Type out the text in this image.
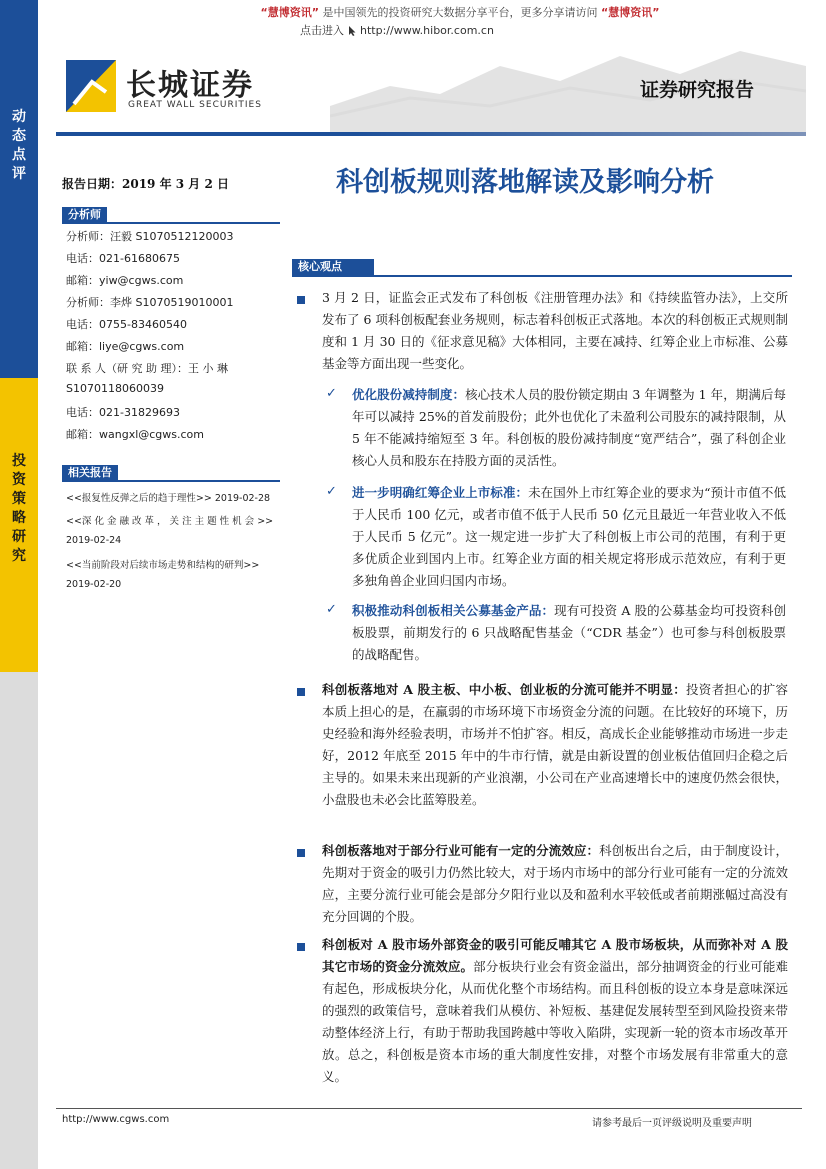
“慧博资讯” 是中国领先的投资研究大数据分享平台，更多分享请访问 “慧博资讯”
点击进入 http://www.hibor.com.cn
动
态
点
评
投
资
策
略
研
究
长城证券
GREAT WALL SECURITIES
证券研究报告
科创板规则落地解读及影响分析
报告日期：2019 年 3 月 2 日
分析师
分析师：汪毅 S1070512120003
电话：021-61680675
邮箱：yiw@cgws.com
分析师：李烨 S1070519010001
电话：0755-83460540
邮箱：liye@cgws.com
联 系 人（研 究 助 理）：王 小 琳
S1070118060039
电话：021-31829693
邮箱：wangxl@cgws.com
相关报告
<<报复性反弹之后的趋于理性>> 2019-02-28
<<深 化 金 融 改 革 ， 关 注 主 题 性 机 会 >>
2019-02-24
<<当前阶段对后续市场走势和结构的研判>>
2019-02-20
核心观点
3 月 2 日，证监会正式发布了科创板《注册管理办法》和《持续监管办法》，上交所发布了 6 项科创板配套业务规则，标志着科创板正式落地。本次的科创板正式规则制度和 1 月 30 日的《征求意见稿》大体相同，主要在减持、红筹企业上市标准、公募基金等方面出现一些变化。
✓ 优化股份减持制度：核心技术人员的股份锁定期由 3 年调整为 1 年，期满后每年可以减持 25%的首发前股份；此外也优化了未盈利公司股东的减持限制，从 5 年不能减持缩短至 3 年。科创板的股份减持制度“宽严结合”，强了科创企业核心人员和股东在持股方面的灵活性。
✓ 进一步明确红筹企业上市标准：未在国外上市红筹企业的要求为“预计市值不低于人民币 100 亿元，或者市值不低于人民币 50 亿元且最近一年营业收入不低于人民币 5 亿元”。这一规定进一步扩大了科创板上市公司的范围，有利于更多优质企业到国内上市。红筹企业方面的相关规定将形成示范效应，有利于更多独角兽企业回归国内市场。
✓ 积极推动科创板相关公募基金产品：现有可投资 A 股的公募基金均可投资科创板股票，前期发行的 6 只战略配售基金（“CDR 基金”）也可参与科创板股票的战略配售。
科创板落地对 A 股主板、中小板、创业板的分流可能并不明显：投资者担心的扩容本质上担心的是，在羸弱的市场环境下市场资金分流的问题。在比较好的环境下，历史经验和海外经验表明，市场并不怕扩容。相反，高成长企业能够推动市场进一步走好，2012 年底至 2015 年中的牛市行情，就是由新设置的创业板估值回归企稳之后主导的。如果未来出现新的产业浪潮，小公司在产业高速增长中的速度仍然会很快，小盘股也未必会比蓝筹股差。
科创板落地对于部分行业可能有一定的分流效应：科创板出台之后，由于制度设计，先期对于资金的吸引力仍然比较大，对于场内市场中的部分行业可能有一定的分流效应，主要分流行业可能会是部分夕阳行业以及和盈利水平较低或者前期涨幅过高没有充分回调的个股。
科创板对 A 股市场外部资金的吸引可能反哺其它 A 股市场板块，从而弥补对 A 股其它市场的资金分流效应。部分板块行业会有资金溢出，部分抽调资金的行业可能难有起色，形成板块分化，从而优化整个市场结构。而且科创板的设立本身是意味深远的强烈的政策信号，意味着我们从模仿、补短板、基建促发展转型至到风险投资来带动整体经济上行，有助于帮助我国跨越中等收入陷阱，实现新一轮的资本市场改革开放。总之，科创板是资本市场的重大制度性安排，对整个市场发展有非常重大的意义。
http://www.cgws.com	请参考最后一页评级说明及重要声明
